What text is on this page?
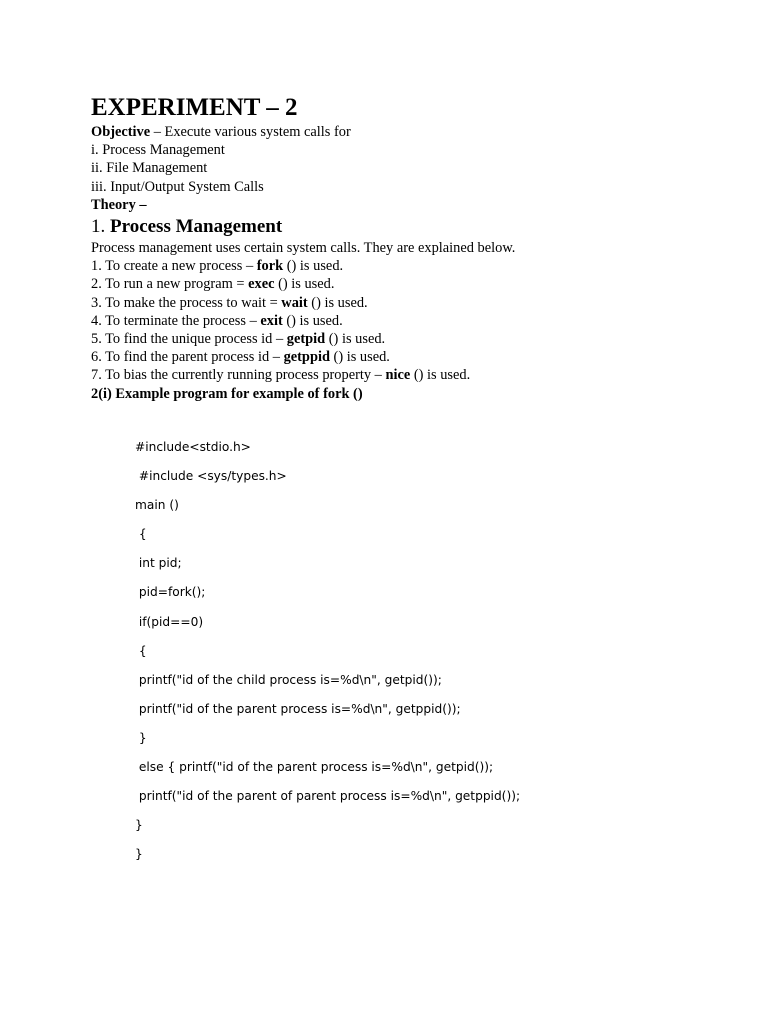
EXPERIMENT – 2
Objective – Execute various system calls for
i. Process Management
ii. File Management
iii. Input/Output System Calls
Theory –
1. Process Management
Process management uses certain system calls. They are explained below.
1. To create a new process – fork () is used.
2. To run a new program = exec () is used.
3. To make the process to wait = wait () is used.
4. To terminate the process – exit () is used.
5. To find the unique process id – getpid () is used.
6. To find the parent process id – getppid () is used.
7. To bias the currently running process property – nice () is used.
2(i) Example program for example of fork ()
#include<stdio.h>
#include <sys/types.h>
main ()
{
int pid;
pid=fork();
if(pid==0)
{
printf("id of the child process is=%d\n", getpid());
printf("id of the parent process is=%d\n", getppid());
}
else { printf("id of the parent process is=%d\n", getpid());
printf("id of the parent of parent process is=%d\n", getppid());
}
}
